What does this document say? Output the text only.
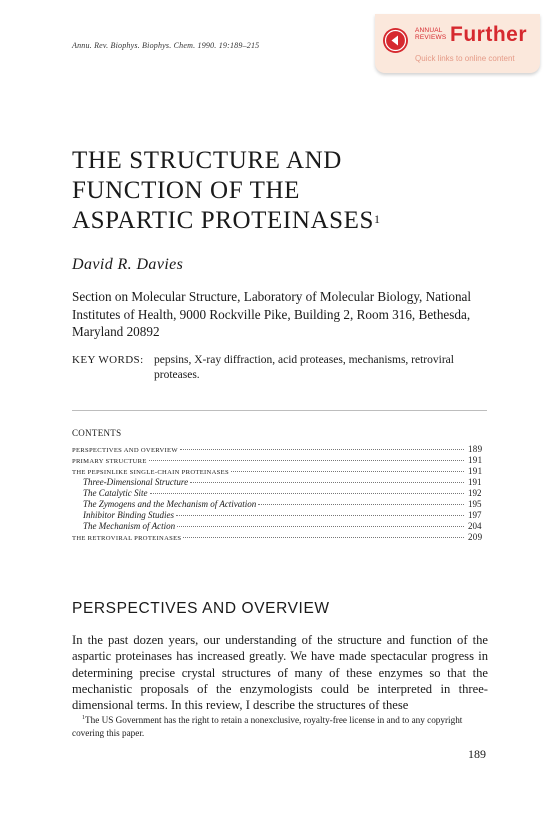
Annu. Rev. Biophys. Biophys. Chem. 1990. 19:189–215
ANNUAL
REVIEWS Further
Quick links to online content
THE STRUCTURE AND
FUNCTION OF THE
ASPARTIC PROTEINASES$^1$
David R. Davies
Section on Molecular Structure, Laboratory of Molecular Biology, National Institutes of Health, 9000 Rockville Pike, Building 2, Room 316, Bethesda, Maryland 20892
KEY WORDS: pepsins, X-ray diffraction, acid proteases, mechanisms, retroviral proteases.
CONTENTS
PERSPECTIVES AND OVERVIEW	189
PRIMARY STRUCTURE	191
THE PEPSINLIKE SINGLE-CHAIN PROTEINASES	191
Three-Dimensional Structure	191
The Catalytic Site	192
The Zymogens and the Mechanism of Activation	195
Inhibitor Binding Studies	197
The Mechanism of Action	204
THE RETROVIRAL PROTEINASES	209
PERSPECTIVES AND OVERVIEW
In the past dozen years, our understanding of the structure and function of the aspartic proteinases has increased greatly. We have made spectacular progress in determining precise crystal structures of many of these enzymes so that the mechanistic proposals of the enzymologists could be interpreted in three-dimensional terms. In this review, I describe the structures of these
$^1$The US Government has the right to retain a nonexclusive, royalty-free license in and to any copyright covering this paper.
189
